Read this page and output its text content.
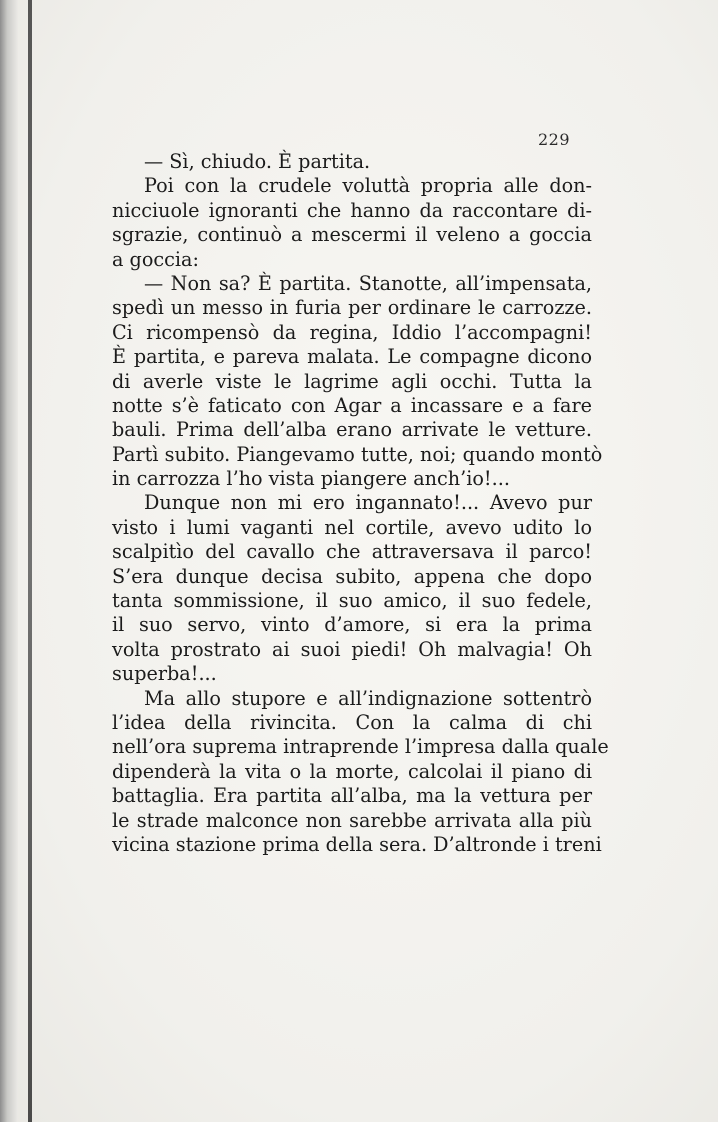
229
— Sì, chiudo. È partita.
Poi con la crudele voluttà propria alle don-
nicciuole ignoranti che hanno da raccontare di-
sgrazie, continuò a mescermi il veleno a goccia
a goccia:
— Non sa? È partita. Stanotte, all’impensata,
spedì un messo in furia per ordinare le carrozze.
Ci ricompensò da regina, Iddio l’accompagni!
È partita, e pareva malata. Le compagne dicono
di averle viste le lagrime agli occhi. Tutta la
notte s’è faticato con Agar a incassare e a fare
bauli. Prima dell’alba erano arrivate le vetture.
Partì subito. Piangevamo tutte, noi; quando montò
in carrozza l’ho vista piangere anch’io!...
Dunque non mi ero ingannato!... Avevo pur
visto i lumi vaganti nel cortile, avevo udito lo
scalpitìo del cavallo che attraversava il parco!
S’era dunque decisa subito, appena che dopo
tanta sommissione, il suo amico, il suo fedele,
il suo servo, vinto d’amore, si era la prima
volta prostrato ai suoi piedi! Oh malvagia! Oh
superba!...
Ma allo stupore e all’indignazione sottentrò
l’idea della rivincita. Con la calma di chi
nell’ora suprema intraprende l’impresa dalla quale
dipenderà la vita o la morte, calcolai il piano di
battaglia. Era partita all’alba, ma la vettura per
le strade malconce non sarebbe arrivata alla più
vicina stazione prima della sera. D’altronde i treni
